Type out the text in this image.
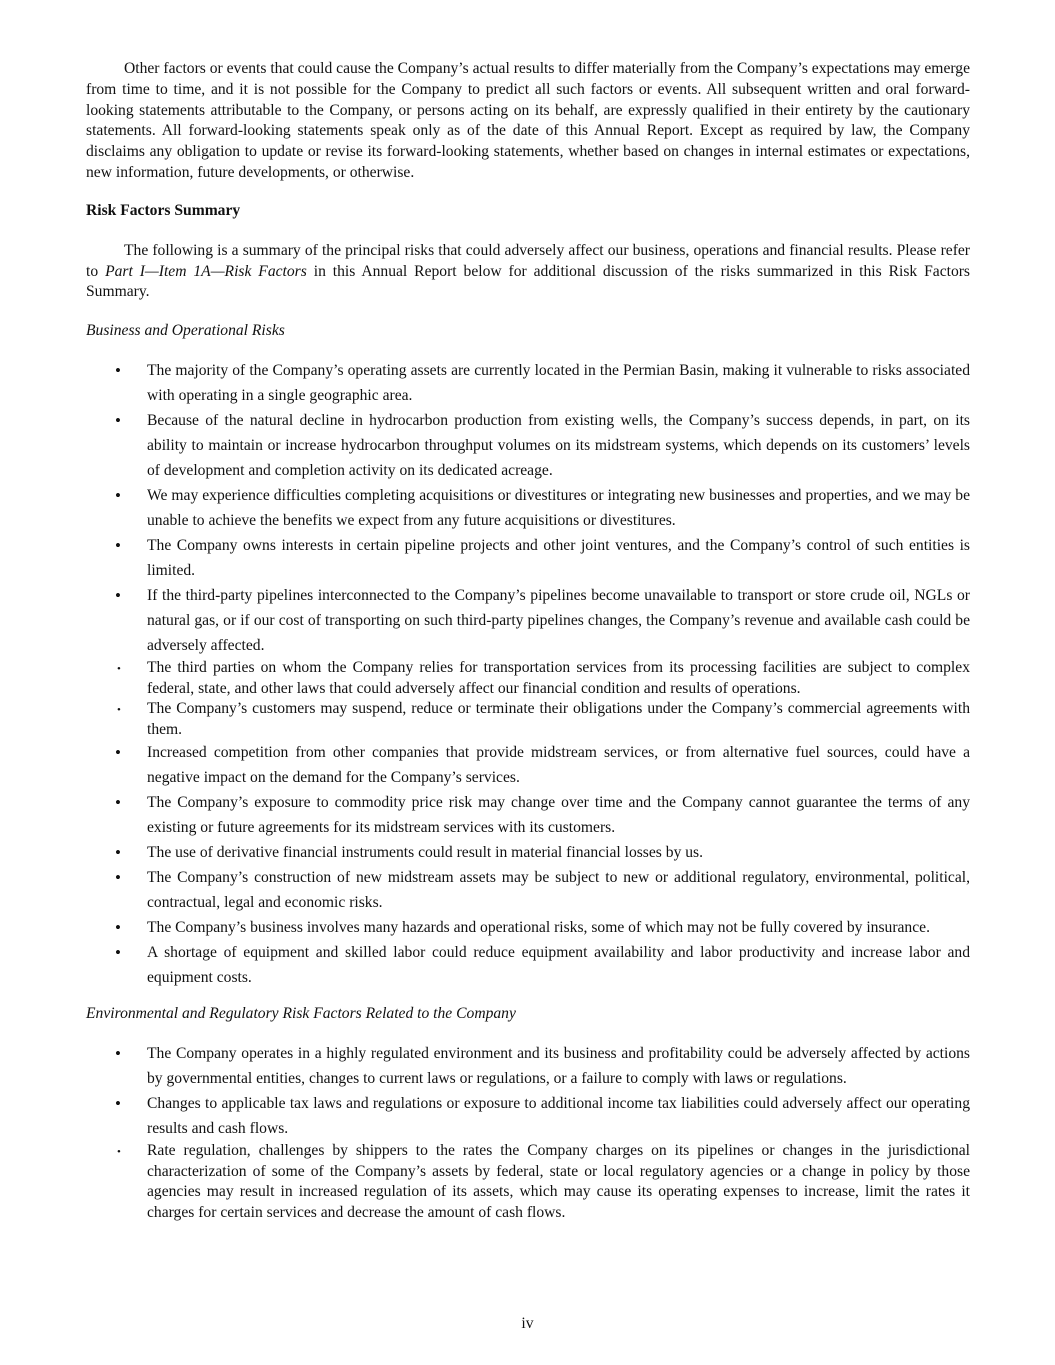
Other factors or events that could cause the Company’s actual results to differ materially from the Company’s expectations may emerge from time to time, and it is not possible for the Company to predict all such factors or events. All subsequent written and oral forward-looking statements attributable to the Company, or persons acting on its behalf, are expressly qualified in their entirety by the cautionary statements. All forward-looking statements speak only as of the date of this Annual Report. Except as required by law, the Company disclaims any obligation to update or revise its forward-looking statements, whether based on changes in internal estimates or expectations, new information, future developments, or otherwise.

Risk Factors Summary

The following is a summary of the principal risks that could adversely affect our business, operations and financial results. Please refer to Part I—Item 1A—Risk Factors in this Annual Report below for additional discussion of the risks summarized in this Risk Factors Summary.

Business and Operational Risks

• The majority of the Company’s operating assets are currently located in the Permian Basin, making it vulnerable to risks associated with operating in a single geographic area.
• Because of the natural decline in hydrocarbon production from existing wells, the Company’s success depends, in part, on its ability to maintain or increase hydrocarbon throughput volumes on its midstream systems, which depends on its customers’ levels of development and completion activity on its dedicated acreage.
• We may experience difficulties completing acquisitions or divestitures or integrating new businesses and properties, and we may be unable to achieve the benefits we expect from any future acquisitions or divestitures.
• The Company owns interests in certain pipeline projects and other joint ventures, and the Company’s control of such entities is limited.
• If the third-party pipelines interconnected to the Company’s pipelines become unavailable to transport or store crude oil, NGLs or natural gas, or if our cost of transporting on such third-party pipelines changes, the Company’s revenue and available cash could be adversely affected.
• The third parties on whom the Company relies for transportation services from its processing facilities are subject to complex federal, state, and other laws that could adversely affect our financial condition and results of operations.
• The Company’s customers may suspend, reduce or terminate their obligations under the Company’s commercial agreements with them.
• Increased competition from other companies that provide midstream services, or from alternative fuel sources, could have a negative impact on the demand for the Company’s services.
• The Company’s exposure to commodity price risk may change over time and the Company cannot guarantee the terms of any existing or future agreements for its midstream services with its customers.
• The use of derivative financial instruments could result in material financial losses by us.
• The Company’s construction of new midstream assets may be subject to new or additional regulatory, environmental, political, contractual, legal and economic risks.
• The Company’s business involves many hazards and operational risks, some of which may not be fully covered by insurance.
• A shortage of equipment and skilled labor could reduce equipment availability and labor productivity and increase labor and equipment costs.

Environmental and Regulatory Risk Factors Related to the Company

• The Company operates in a highly regulated environment and its business and profitability could be adversely affected by actions by governmental entities, changes to current laws or regulations, or a failure to comply with laws or regulations.
• Changes to applicable tax laws and regulations or exposure to additional income tax liabilities could adversely affect our operating results and cash flows.
• Rate regulation, challenges by shippers to the rates the Company charges on its pipelines or changes in the jurisdictional characterization of some of the Company’s assets by federal, state or local regulatory agencies or a change in policy by those agencies may result in increased regulation of its assets, which may cause its operating expenses to increase, limit the rates it charges for certain services and decrease the amount of cash flows.
iv
